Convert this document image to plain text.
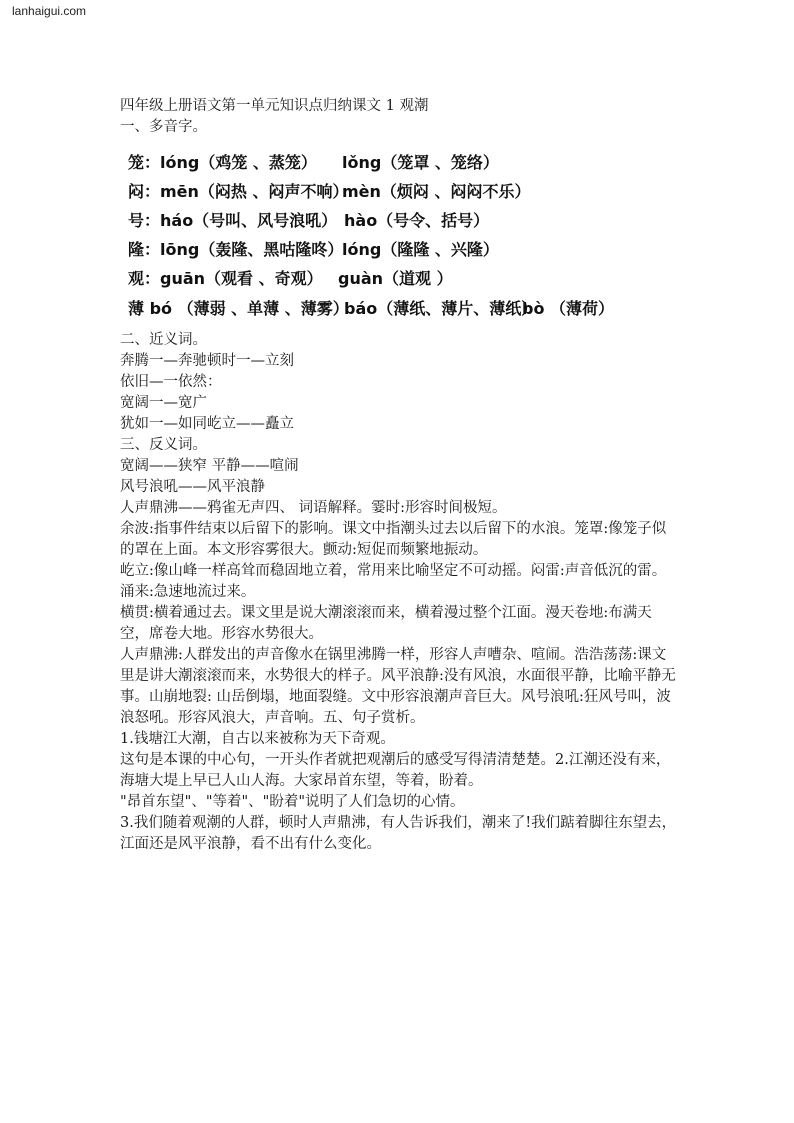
lanhaigui.com
四年级上册语文第一单元知识点归纳课文 1 观潮
一、多音字。
笼：lóng（鸡笼 、蒸笼） lǒng（笼罩 、笼络）
闷：mēn（闷热 、闷声不响）
mèn（烦闷 、闷闷不乐）
号：háo（号叫、风号浪吼） hào（号令、括号）
隆：lōng（轰隆、黑咕隆咚）
lóng（隆隆 、兴隆）
观：guān（观看 、奇观） guàn（道观 ）
薄 bó （薄弱 、单薄 、薄雾）
báo（薄纸、薄片、薄纸）
bò （薄荷）
二、近义词。
奔腾一—奔驰顿时一—立刻
依旧—一依然：
宽阔一—宽广
犹如一—如同屹立——矗立
三、反义词。
宽阔——狭窄 平静——喧闹
风号浪吼——风平浪静
人声鼎沸——鸦雀无声四、 词语解释。霎时:形容时间极短。
余波:指事件结束以后留下的影响。课文中指潮头过去以后留下的水浪。笼罩:像笼子似的罩在上面。本文形容雾很大。颤动:短促而频繁地振动。
屹立:像山峰一样高耸而稳固地立着，常用来比喻坚定不可动摇。闷雷:声音低沉的雷。涌来:急速地流过来。
横贯:横着通过去。课文里是说大潮滚滚而来，横着漫过整个江面。漫天卷地:布满天空，席卷大地。形容水势很大。
人声鼎沸:人群发出的声音像水在锅里沸腾一样，形容人声嘈杂、喧闹。浩浩荡荡:课文里是讲大潮滚滚而来，水势很大的样子。风平浪静:没有风浪，水面很平静，比喻平静无事。山崩地裂: 山岳倒塌，地面裂缝。文中形容浪潮声音巨大。风号浪吼:狂风号叫，波浪怒吼。形容风浪大，声音响。五、句子赏析。
1.钱塘江大潮，自古以来被称为天下奇观。
这句是本课的中心句，一开头作者就把观潮后的感受写得清清楚楚。2.江潮还没有来，海塘大堤上早已人山人海。大家昂首东望，等着，盼着。
"昂首东望"、"等着"、"盼着"说明了人们急切的心情。
3.我们随着观潮的人群，顿时人声鼎沸，有人告诉我们，潮来了!我们踮着脚往东望去，江面还是风平浪静，看不出有什么变化。
